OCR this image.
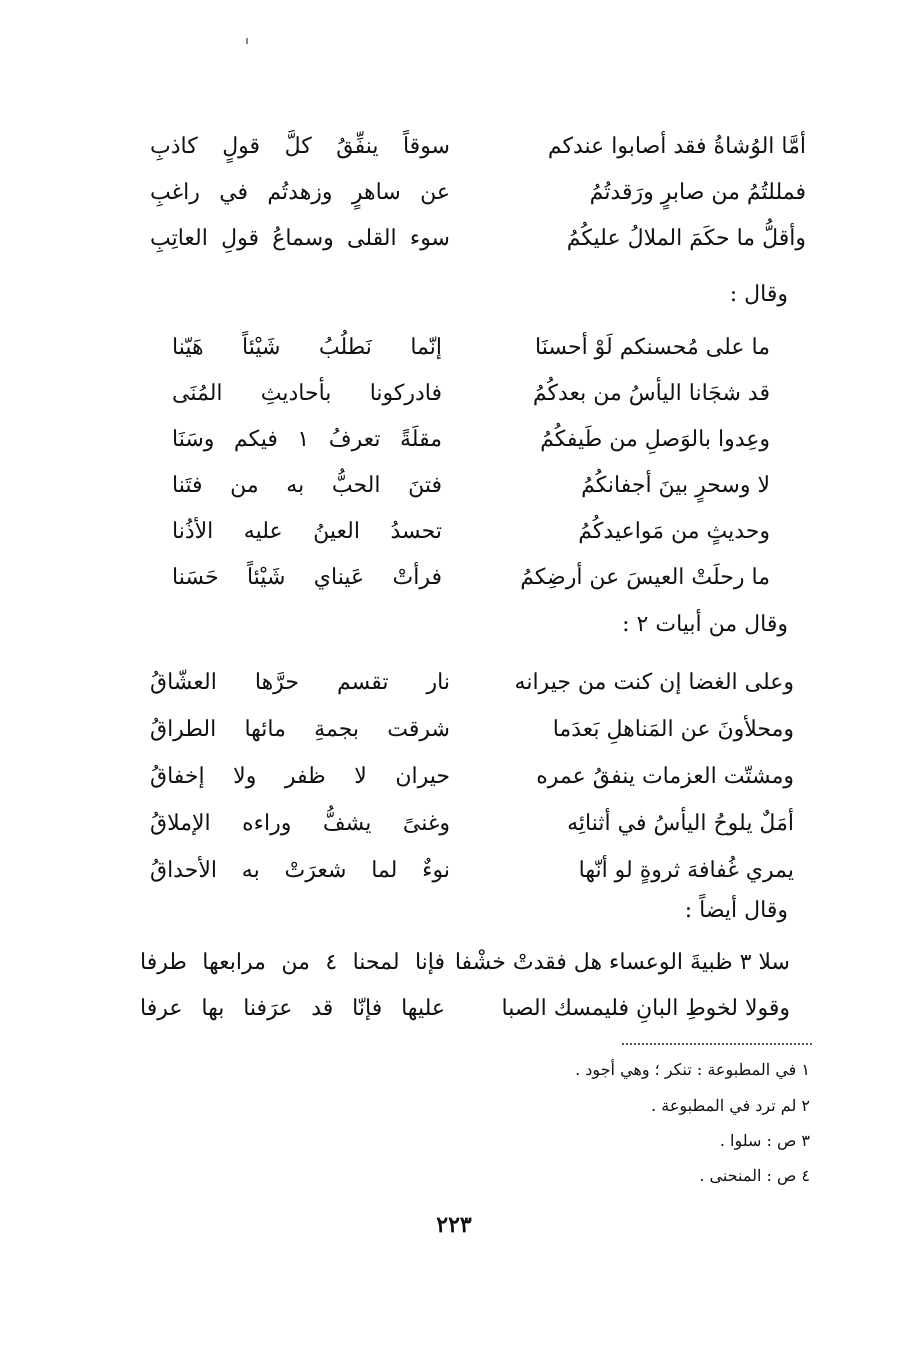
أمَّا الوُشاةُ فقد أصابوا عندكم
سوقاً ينفِّقُ كلَّ قولٍ كاذبِ
فمللتُمُ من صابرٍ ورَقدتُمُ
عن ساهرٍ وزهدتُم في راغبِ
وأقلُّ ما حكَمَ الملالُ عليكُمُ
سوء القلى وسماعُ قولِ العاتِبِ
وقال :
ما على مُحسنكم لَوْ أحسنَا
إنّما نَطلُبُ شَيْئاً هَيّنا
قد شجَانا اليأسُ من بعدكُمُ
فادركونا بأحاديثِ المُنَى
وعِدوا بالوَصلِ من طَيفكُمُ
مقلَةً تعرفُ ١ فيكم وسَنَا
لا وسحرٍ بينَ أجفانكُمُ
فتنَ الحبُّ به من فتَنا
وحديثٍ من مَواعيدكُمُ
تحسدُ العينُ عليه الأذُنا
ما رحلَتْ العيسَ عن أرضِكمُ
فرأتْ عَيناي شَيْئاً حَسَنا
وقال من أبيات ٢ :
وعلى الغضا إن كنت من جيرانه
نار تقسم حرَّها العشّاقُ
ومحلأونَ عن المَناهلِ بَعدَما
شرقت بجمةِ مائها الطراقُ
ومشتّت العزمات ينفقُ عمره
حيران لا ظفر ولا إخفاقُ
أمَلٌ يلوحُ اليأسُ في أثنائِه
وغنىً يشفُّ وراءه الإملاقُ
يمري غُفافهَ ثروةٍ لو أنّها
نوءٌ لما شعرَتْ به الأحداقُ
وقال أيضاً :
سلا ٣ ظبيةَ الوعساء هل فقدتْ خشْفا
فإنا لمحنا ٤ من مرابعها طرفا
وقولا لخوطِ البانِ فليمسك الصبا
عليها فإنّا قد عرَفنا بها عرفا
١ في المطبوعة : تنكر ؛ وهي أجود .
٢ لم ترد في المطبوعة .
٣ ص : سلوا .
٤ ص : المنحنى .
٢٢٣
